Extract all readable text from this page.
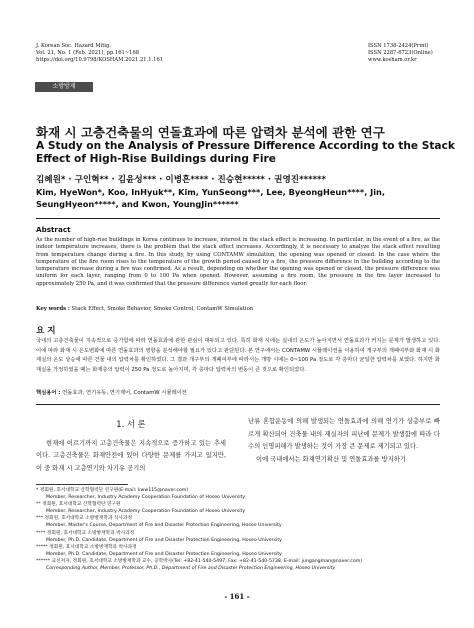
J. Korean Soc. Hazard Mitig.
Vol. 21, No. 1 (Feb. 2021), pp.161~168
https://doi.org/10.9798/KOSHAM.2021.21.1.161
ISSN 1738-2424(Print)
ISSN 2287-6723(Online)
www.kosham.or.kr
소방방재
화재 시 고층건축물의 연돌효과에 따른 압력차 분석에 관한 연구
A Study on the Analysis of Pressure Difference According to the Stack Effect of High-Rise Buildings during Fire
김혜원* · 구인혁** · 김윤성*** · 이병흔**** · 진승현***** · 권영진******
Kim, HyeWon*, Koo, InHyuk**, Kim, YunSeong***, Lee, ByeongHeun****, Jin, SeungHyeon*****, and Kwon, YoungJin******
Abstract
As the number of high-rise buildings in Korea continues to increase, interest in the stack effect is increasing. In particular, in the event of a fire, as the indoor temperature increases, there is the problem that the stack effect increases. Accordingly, it is necessary to analyze the stack effect resulting from temperature change during a fire. In this study, by using CONTAMW simulation, the opening was opened or closed. In the case where the temperature of the fire room rises to the temperature of the growth period caused by a fire, the pressure difference in the building according to the temperature increase during a fire was confirmed. As a result, depending on whether the opening was opened or closed, the pressure difference was uniform for each layer, ranging from 0 to 100 Pa when opened. However, assuming a fire room, the pressure in the fire layer increased to approximately 250 Pa, and it was confirmed that the pressure difference varied greatly for each floor.
Key words : Stack Effect, Smoke Behavior, Smoke Control, ContamW Simulation
요 지
국내의 고층건축물이 지속적으로 증가함에 따라 연돌효과에 관한 관심이 대두되고 있다. 특히 화재 시에는 실내의 온도가 높아지면서 연돌효과가 커지는 문제가 발생하고 있다. 이에 따라 화재 시 온도변화에 따른 연돌효과의 영향을 분석해야할 필요가 있다고 판단된다. 본 연구에서는 CONTAMW 시뮬레이션을 이용하여 개구부의 개폐여부와 화재 시 화재실의 온도 상승에 따른 건물 내의 압력차를 확인하였다. 그 결과 개구부의 개폐여부에 따라서는 개방 시에는 0~100 Pa 정도로 각 층마다 균일한 압력차를 보였다. 하지만 화재실을 가정하였을 때는 화재층의 압력이 250 Pa 정도로 높아지며, 각 층마다 압력차의 변동이 큰 것으로 확인되었다.
핵심용어 : 연돌효과, 연기유동, 연기제어, ContamW 시뮬레이션
1. 서 론
현재에 이르기까지 고층건축물은 지속적으로 증가하고 있는 추세이다. 고층건축물은 화재안전에 있어 다양한 문제를 가지고 있지만, 이 중 화재 시 고층연기와 차기유 공기의

난류 혼합운동에 의해 발생되는 연돌효과에 의해 연기가 상층부로 빠르게 확산되어 건축물 내의 재실자의 피난에 문제가 발생함에 따라 다수의 인명피해가 발생하는 것이 가장 큰 문제로 제기되고 있다.

이에 국내에서는 화재연기확산 및 연돌효과를 방지하기

* 정회원, 호서대학교 산학협력단 연구원(E-mail: kww115@naver.com)
Member, Researcher, Industry Academy Cooperation Foundation of Hoseo University
** 정회원, 호서대학교 산학협력단 연구원
Member, Researcher, Industry Academy Cooperation Foundation of Hoseo University
*** 정회원, 호서대학교 소방방재학과 석사과정
Member, Master's Course, Department of Fire and Disaster Protection Engineering, Hoseo University
**** 정회원, 호서대학교 소방방재학과 박사과정
Member, Ph.D. Candidate, Department of Fire and Disaster Protection Engineering, Hoseo University
***** 정회원, 호서대학교 소방방재학과 박사과정
Member, Ph.D. Candidate, Department of Fire and Disaster Protection Engineering, Hoseo University
****** 교신저자, 정회원, 호서대학교 소방방재학과 교수, 공학박사(Tel: +82-41-540-5497, Fax: +82-41-540-5738, E-mail: jungangman@naver.com)
Corresponding Author, Member, Professor, Ph.D., Department of Fire and Disaster Protection Engineering, Hoseo University
- 161 -
